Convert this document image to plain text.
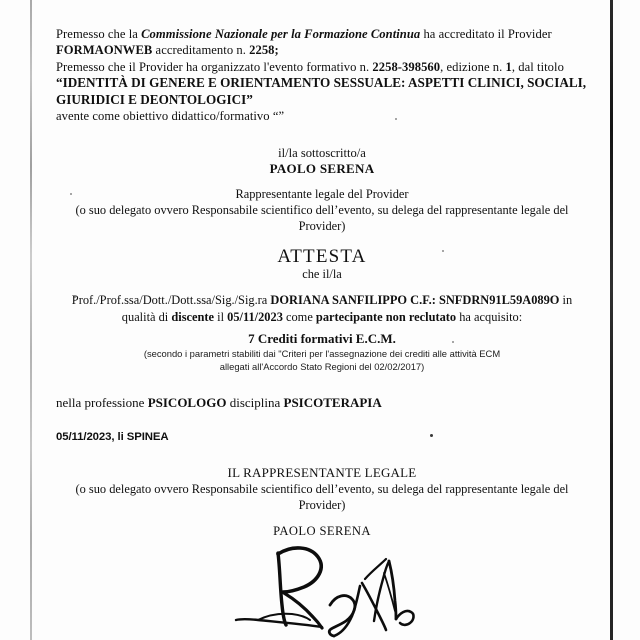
Premesso che la Commissione Nazionale per la Formazione Continua ha accreditato il Provider
FORMAONWEB accreditamento n. 2258;
Premesso che il Provider ha organizzato l'evento formativo n. 2258-398560, edizione n. 1, dal titolo
“IDENTITÀ DI GENERE E ORIENTAMENTO SESSUALE: ASPETTI CLINICI, SOCIALI, GIURIDICI E DEONTOLOGICI”
avente come obiettivo didattico/formativo “”
il/la sottoscritto/a
PAOLO SERENA
Rappresentante legale del Provider
(o suo delegato ovvero Responsabile scientifico dell’evento, su delega del rappresentante legale del
Provider)
ATTESTA
che il/la
Prof./Prof.ssa/Dott./Dott.ssa/Sig./Sig.ra DORIANA SANFILIPPO C.F.: SNFDRN91L59A089O in
qualità di discente il 05/11/2023 come partecipante non reclutato ha acquisito:
7 Crediti formativi E.C.M.
(secondo i parametri stabiliti dai "Criteri per l'assegnazione dei crediti alle attività ECM
allegati all'Accordo Stato Regioni del 02/02/2017)
nella professione PSICOLOGO disciplina PSICOTERAPIA
05/11/2023, li SPINEA
IL RAPPRESENTANTE LEGALE
(o suo delegato ovvero Responsabile scientifico dell’evento, su delega del rappresentante legale del
Provider)
PAOLO SERENA
